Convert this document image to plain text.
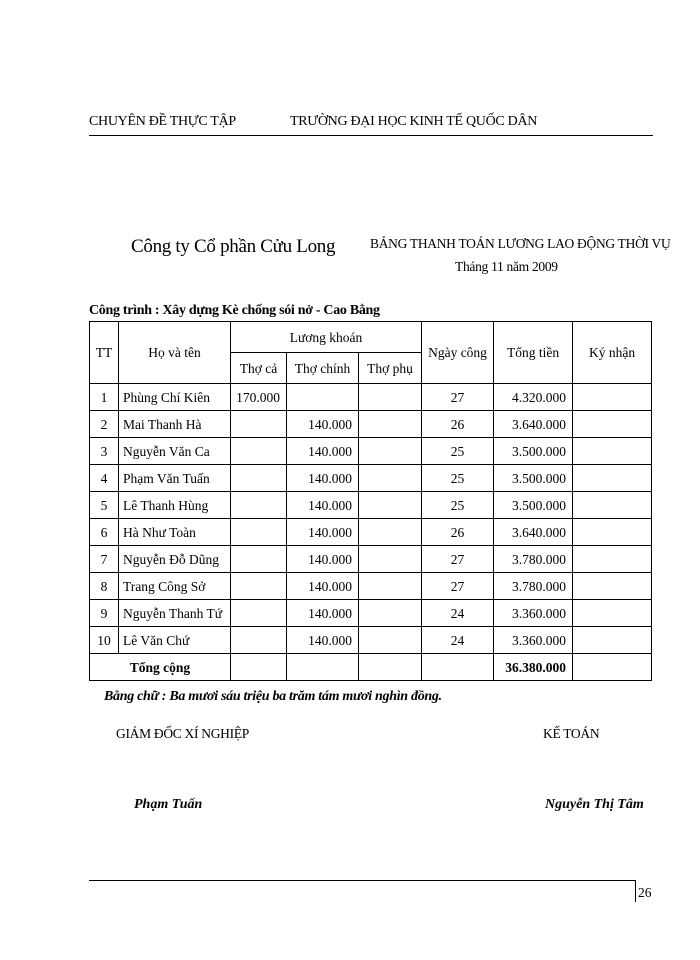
CHUYÊN ĐỀ THỰC TẬP	TRƯỜNG ĐẠI HỌC KINH TẾ QUỐC DÂN
Công ty Cổ phần Cửu Long	BẢNG THANH TOÁN LƯƠNG LAO ĐỘNG THỜI VỤ
Tháng 11 năm 2009
Công trình : Xây dựng Kè chống sói nở - Cao Bằng
TT	Họ và tên	Lương khoán			Ngày công	Tổng tiền	Ký nhận
		Thợ cả	Thợ chính	Thợ phụ			
1	Phùng Chí Kiên	170.000			27	4.320.000	
2	Mai Thanh Hà		140.000		26	3.640.000	
3	Nguyễn Văn Ca		140.000		25	3.500.000	
4	Phạm Văn Tuấn		140.000		25	3.500.000	
5	Lê Thanh Hùng		140.000		25	3.500.000	
6	Hà Như Toàn		140.000		26	3.640.000	
7	Nguyễn Đỗ Dũng		140.000		27	3.780.000	
8	Trang Công Sở		140.000		27	3.780.000	
9	Nguyễn Thanh Tứ		140.000		24	3.360.000	
10	Lê Văn Chứ		140.000		24	3.360.000	
Tổng cộng						36.380.000	
Bằng chữ : Ba mươi sáu triệu ba trăm tám mươi nghìn đồng.
GIÁM ĐỐC XÍ NGHIỆP	KẾ TOÁN
Phạm Tuấn	Nguyễn Thị Tâm
26
